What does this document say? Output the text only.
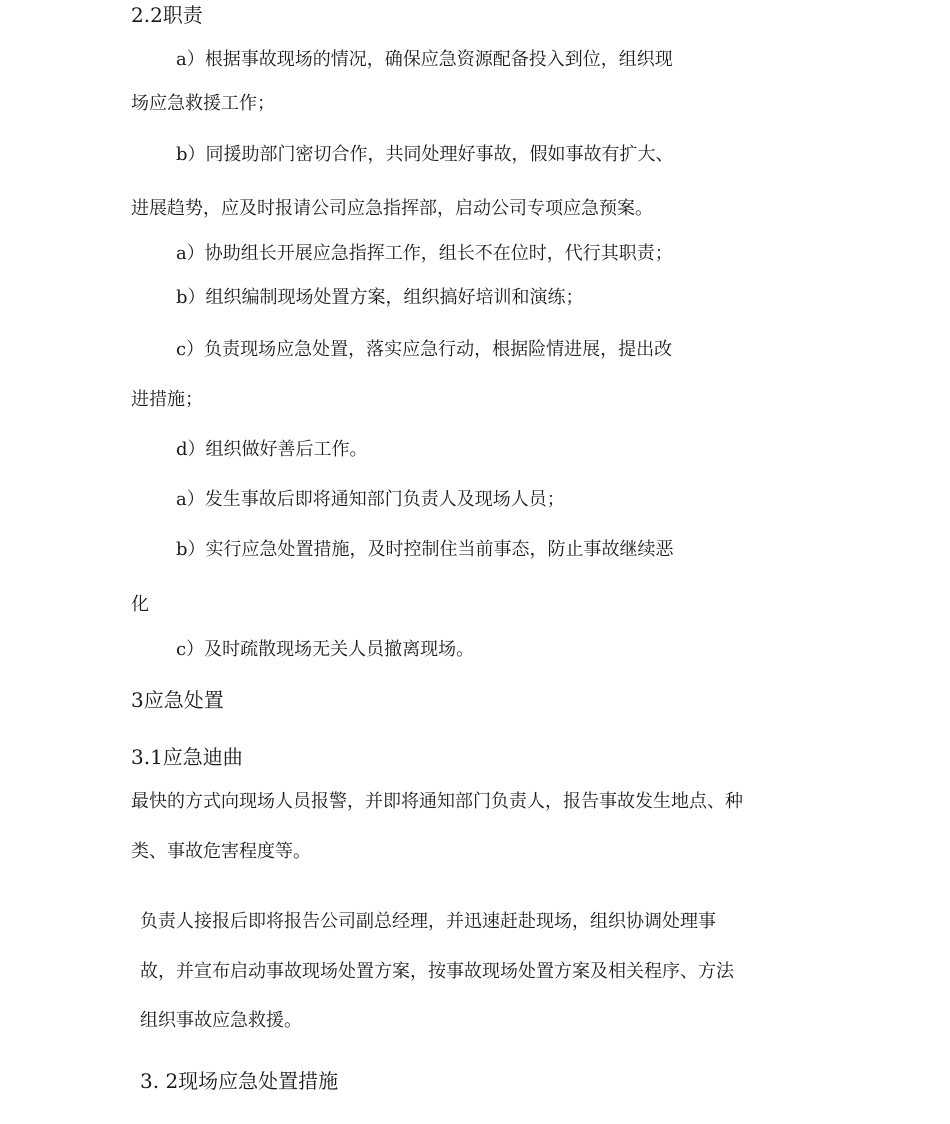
2.2职责
a）根据事故现场的情况，确保应急资源配备投入到位，组织现
场应急救援工作；
b）同援助部门密切合作，共同处理好事故，假如事故有扩大、
进展趋势，应及时报请公司应急指挥部，启动公司专项应急预案。
a）协助组长开展应急指挥工作，组长不在位时，代行其职责；
b）组织编制现场处置方案，组织搞好培训和演练；
c）负责现场应急处置，落实应急行动，根据险情进展，提出改
进措施；
d）组织做好善后工作。
a）发生事故后即将通知部门负责人及现场人员；
b）实行应急处置措施，及时控制住当前事态，防止事故继续恶
化
c）及时疏散现场无关人员撤离现场。
3应急处置
3.1应急迪曲
最快的方式向现场人员报警，并即将通知部门负责人，报告事故发生地点、种
类、事故危害程度等。
负责人接报后即将报告公司副总经理，并迅速赶赴现场，组织协调处理事
故，并宣布启动事故现场处置方案，按事故现场处置方案及相关程序、方法
组织事故应急救援。
3. 2现场应急处置措施
